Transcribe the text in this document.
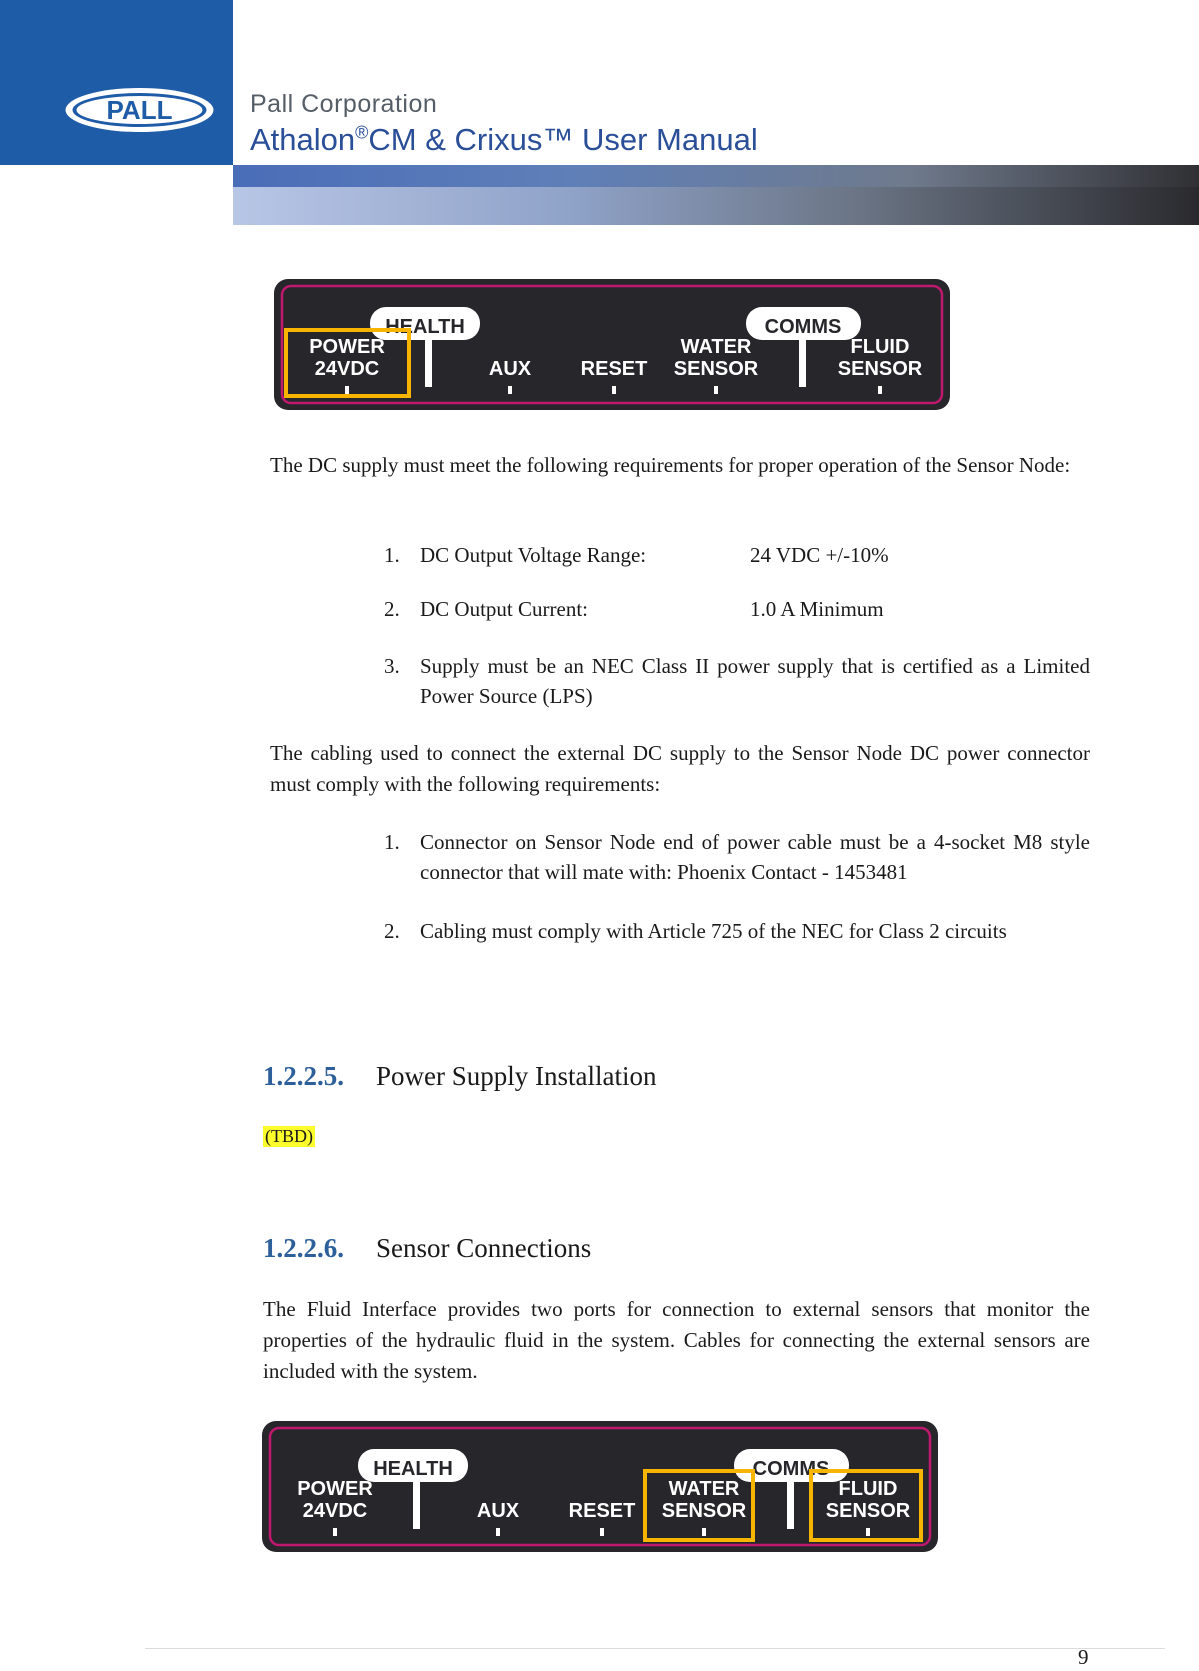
PALL	Pall Corporation
Athalon®CM & Crixus™ User Manual
HEALTH	COMMS
POWER
24VDC	AUX RESET
WATER
SENSOR
FLUID
SENSOR
The DC supply must meet the following requirements for proper operation of the Sensor Node:
1. DC Output Voltage Range:	24 VDC +/-10%
2. DC Output Current:	1.0 A Minimum
3. Supply must be an NEC Class II power supply that is certified as a Limited Power Source (LPS)
The cabling used to connect the external DC supply to the Sensor Node DC power connector must comply with the following requirements:
1. Connector on Sensor Node end of power cable must be a 4-socket M8 style connector that will mate with: Phoenix Contact - 1453481
2. Cabling must comply with Article 725 of the NEC for Class 2 circuits
1.2.2.5. Power Supply Installation
(TBD)
1.2.2.6. Sensor Connections
The Fluid Interface provides two ports for connection to external sensors that monitor the properties of the hydraulic fluid in the system. Cables for connecting the external sensors are included with the system.
HEALTH	COMMS
POWER
24VDC	AUX RESET
WATER
SENSOR
FLUID
SENSOR
9
